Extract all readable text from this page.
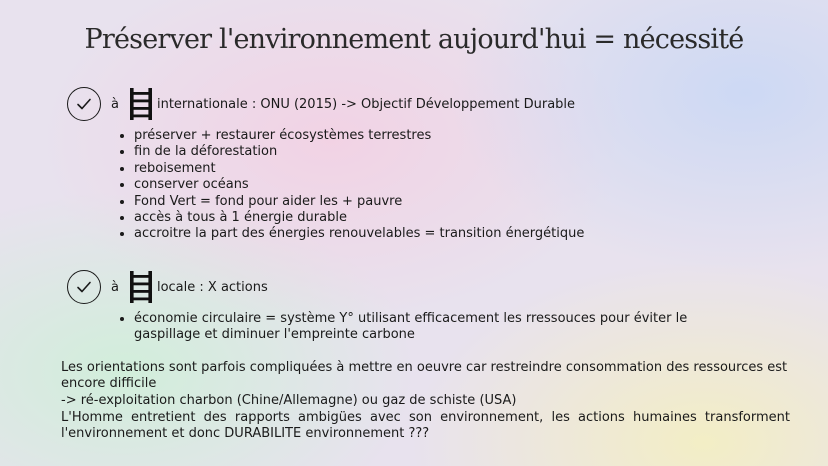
Préserver l'environnement aujourd'hui = nécessité
à	internationale : ONU (2015) -> Objectif Développement Durable
• préserver + restaurer écosystèmes terrestres
• fin de la déforestation
• reboisement
• conserver océans
• Fond Vert = fond pour aider les + pauvre
• accès à tous à 1 énergie durable
• accroitre la part des énergies renouvelables = transition énergétique
à	locale : X actions
• économie circulaire = système Y° utilisant efficacement les rressouces pour éviter le gaspillage et diminuer l'empreinte carbone

Les orientations sont parfois compliquées à mettre en oeuvre car restreindre consommation des ressources est encore difficile

-> ré-exploitation charbon (Chine/Allemagne) ou gaz de schiste (USA)

L'Homme entretient des rapports ambigües avec son environnement, les actions humaines transforment l'environnement et donc DURABILITE environnement ???
